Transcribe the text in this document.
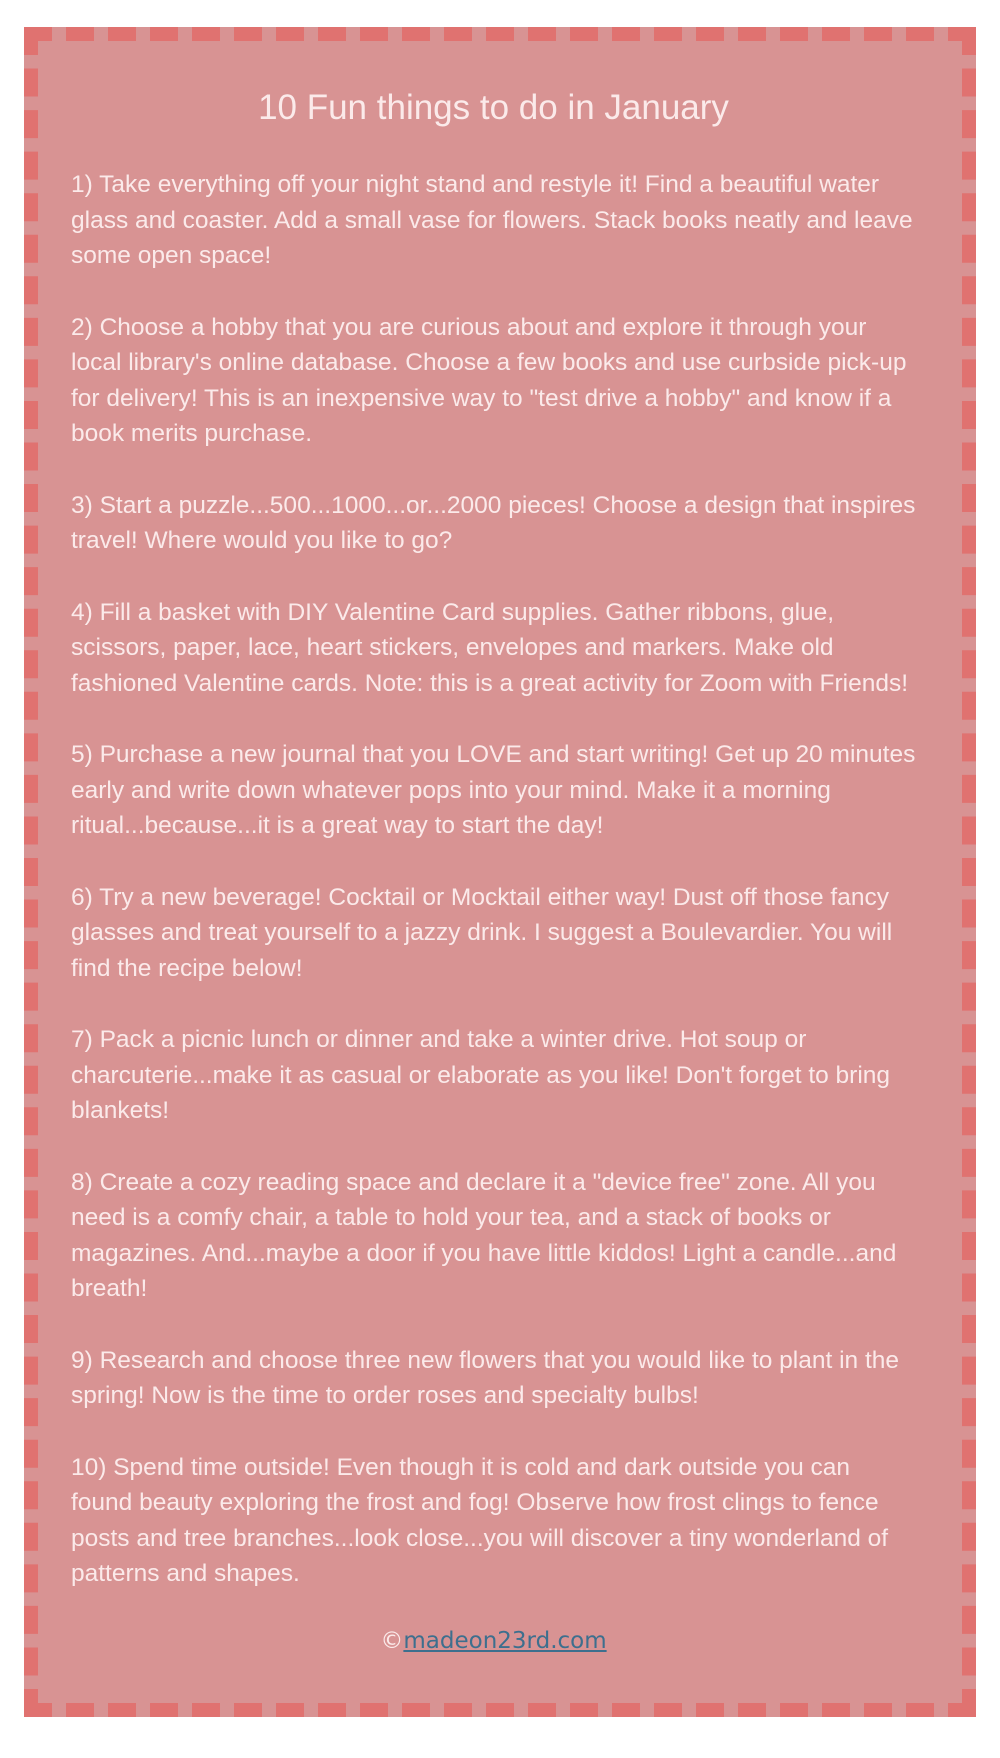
10 Fun things to do in January
1) Take everything off your night stand and restyle it! Find a beautiful water glass and coaster. Add a small vase for flowers. Stack books neatly and leave some open space!
2) Choose a hobby that you are curious about and explore it through your local library's online database. Choose a few books and use curbside pick-up for delivery! This is an inexpensive way to "test drive a hobby" and know if a book merits purchase.
3) Start a puzzle...500...1000...or...2000 pieces! Choose a design that inspires travel! Where would you like to go?
4) Fill a basket with DIY Valentine Card supplies. Gather ribbons, glue, scissors, paper, lace, heart stickers, envelopes and markers. Make old fashioned Valentine cards. Note: this is a great activity for Zoom with Friends!
5) Purchase a new journal that you LOVE and start writing! Get up 20 minutes early and write down whatever pops into your mind. Make it a morning ritual...because...it is a great way to start the day!
6) Try a new beverage! Cocktail or Mocktail either way! Dust off those fancy glasses and treat yourself to a jazzy drink. I suggest a Boulevardier. You will find the recipe below!
7) Pack a picnic lunch or dinner and take a winter drive. Hot soup or charcuterie...make it as casual or elaborate as you like! Don't forget to bring blankets!
8) Create a cozy reading space and declare it a "device free" zone. All you need is a comfy chair, a table to hold your tea, and a stack of books or magazines. And...maybe a door if you have little kiddos! Light a candle...and breath!
9) Research and choose three new flowers that you would like to plant in the spring! Now is the time to order roses and specialty bulbs!
10) Spend time outside! Even though it is cold and dark outside you can found beauty exploring the frost and fog! Observe how frost clings to fence posts and tree branches...look close...you will discover a tiny wonderland of patterns and shapes.
©madeon23rd.com
